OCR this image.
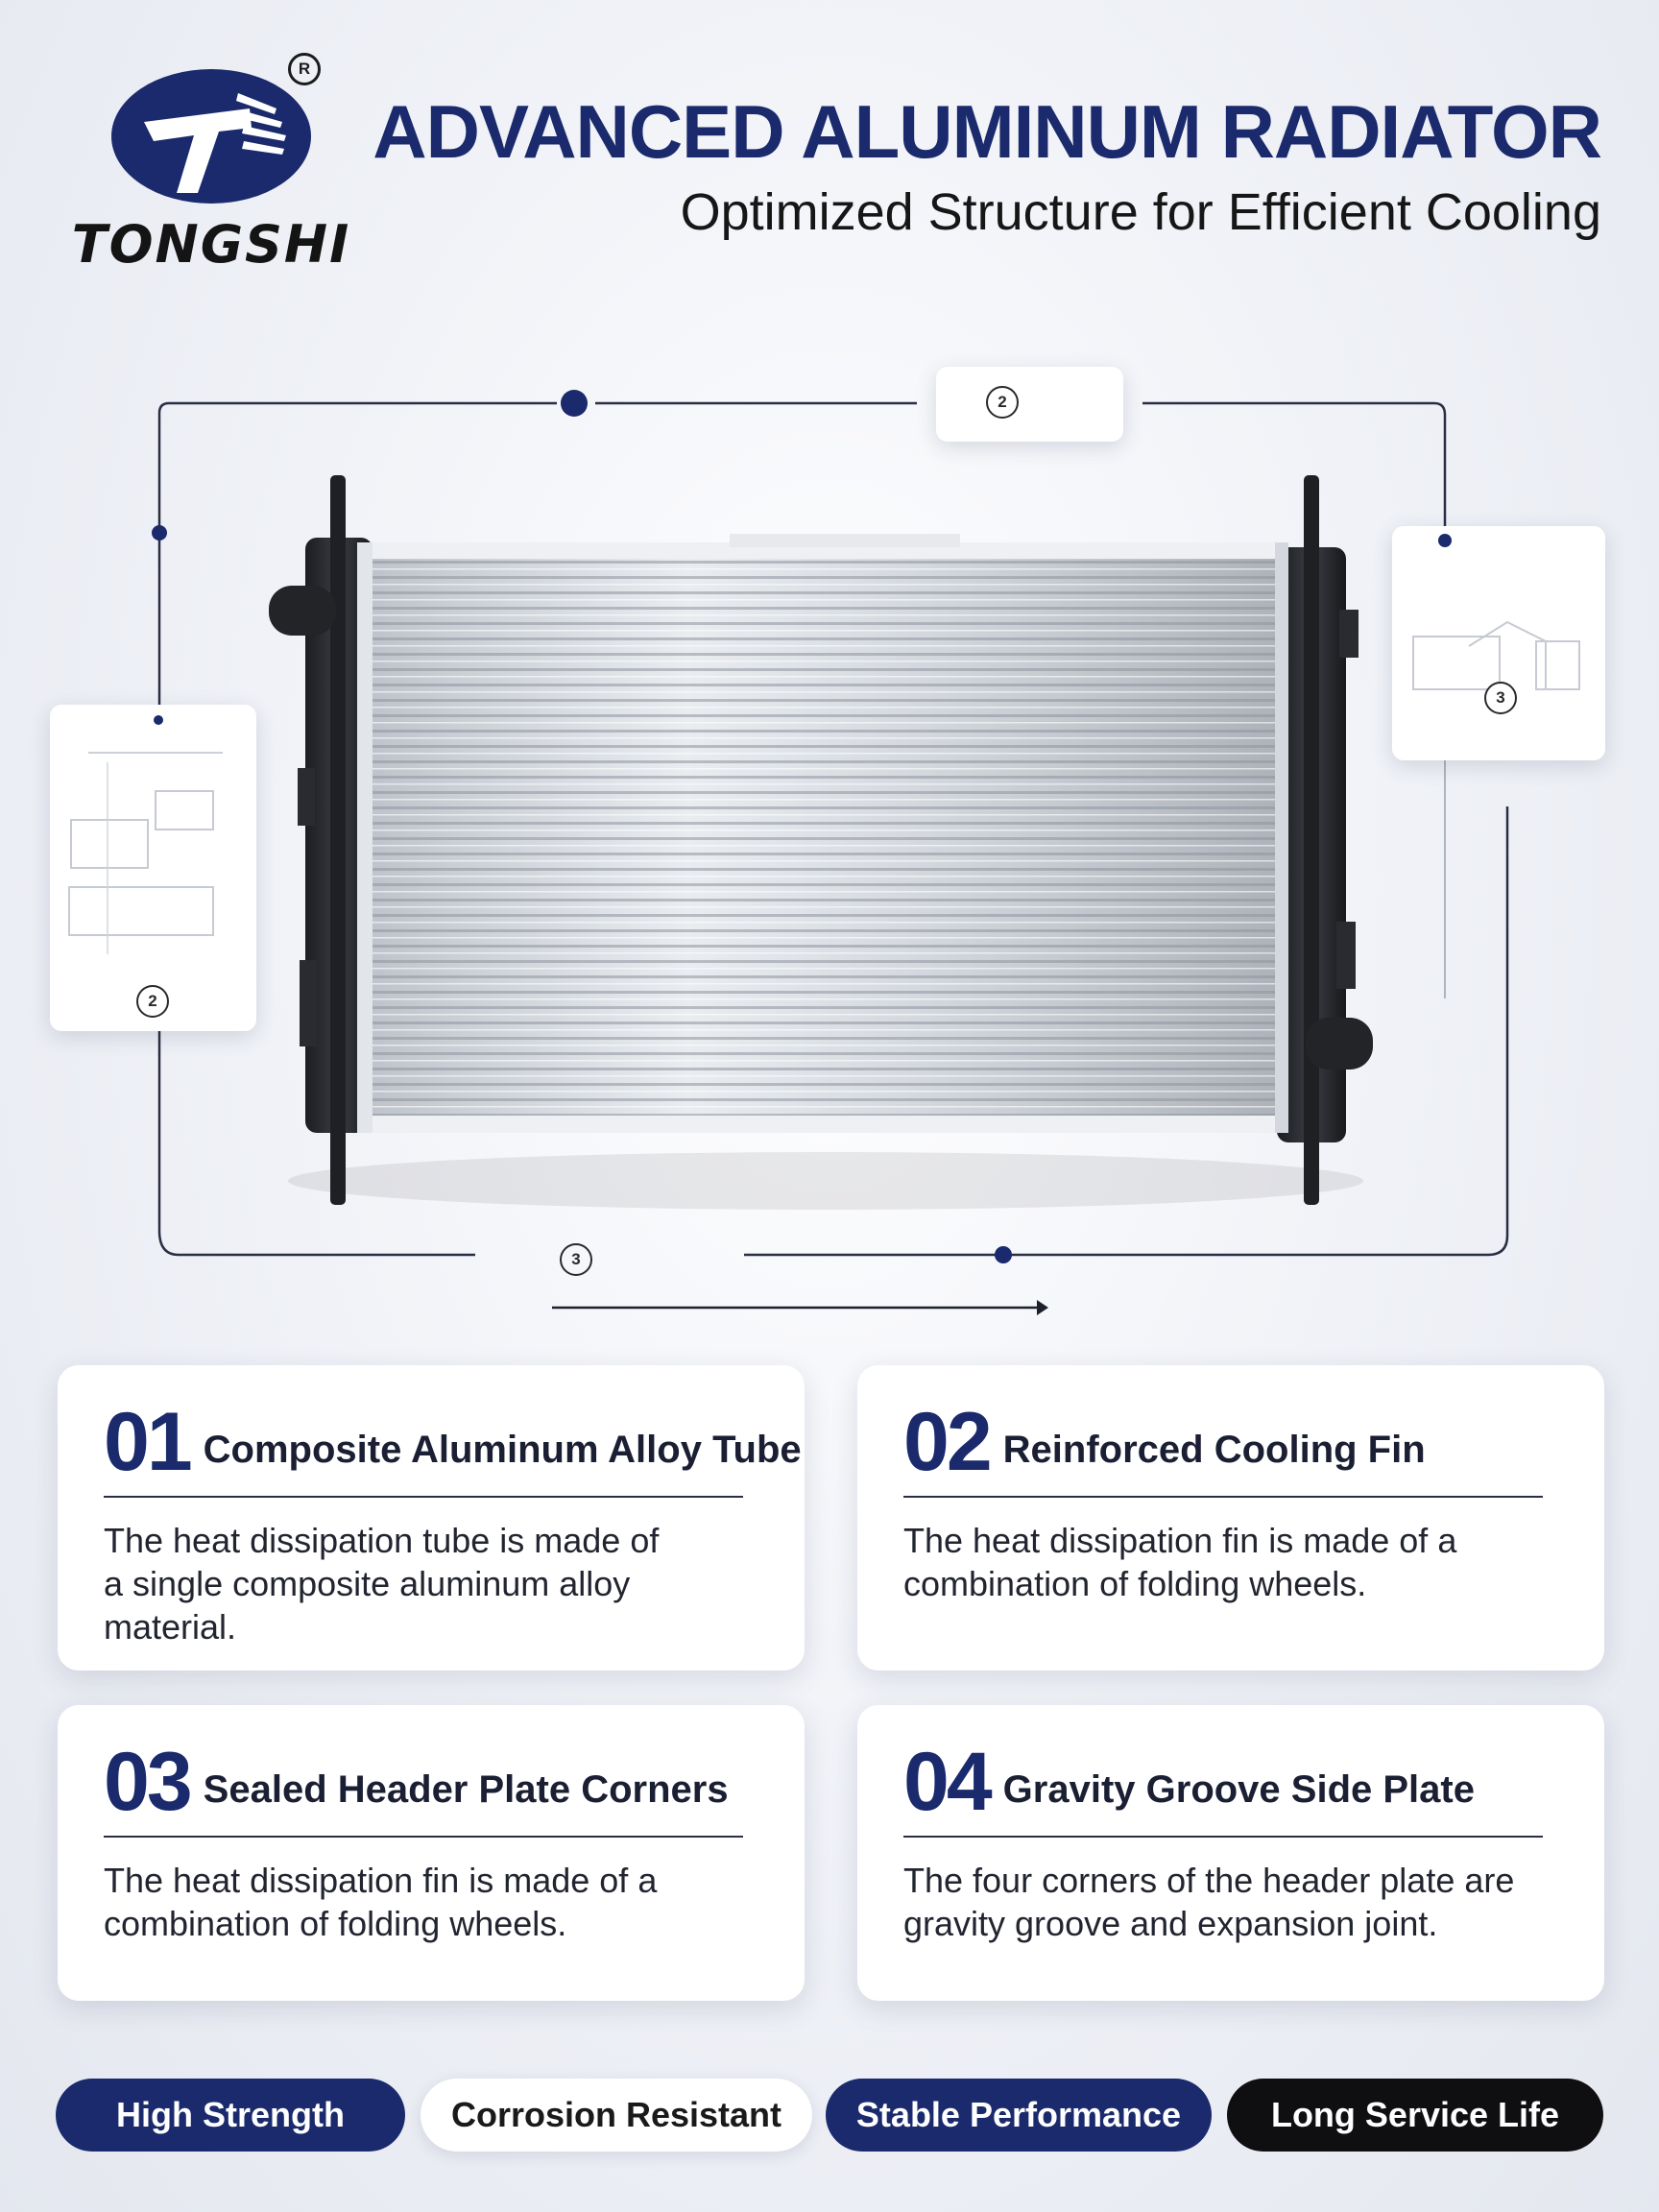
R
TONGSHI
ADVANCED ALUMINUM RADIATOR
Optimized Structure for Efficient Cooling
2
2
3
3
01 Composite Aluminum Alloy Tube
The heat dissipation tube is made of a single composite aluminum alloy material.
02 Reinforced Cooling Fin
The heat dissipation fin is made of a combination of folding wheels.
03 Sealed Header Plate Corners
The heat dissipation fin is made of a combination of folding wheels.
04 Gravity Groove Side Plate
The four corners of the header plate are gravity groove and expansion joint.
High Strength	Corrosion Resistant	Stable Performance	Long Service Life
